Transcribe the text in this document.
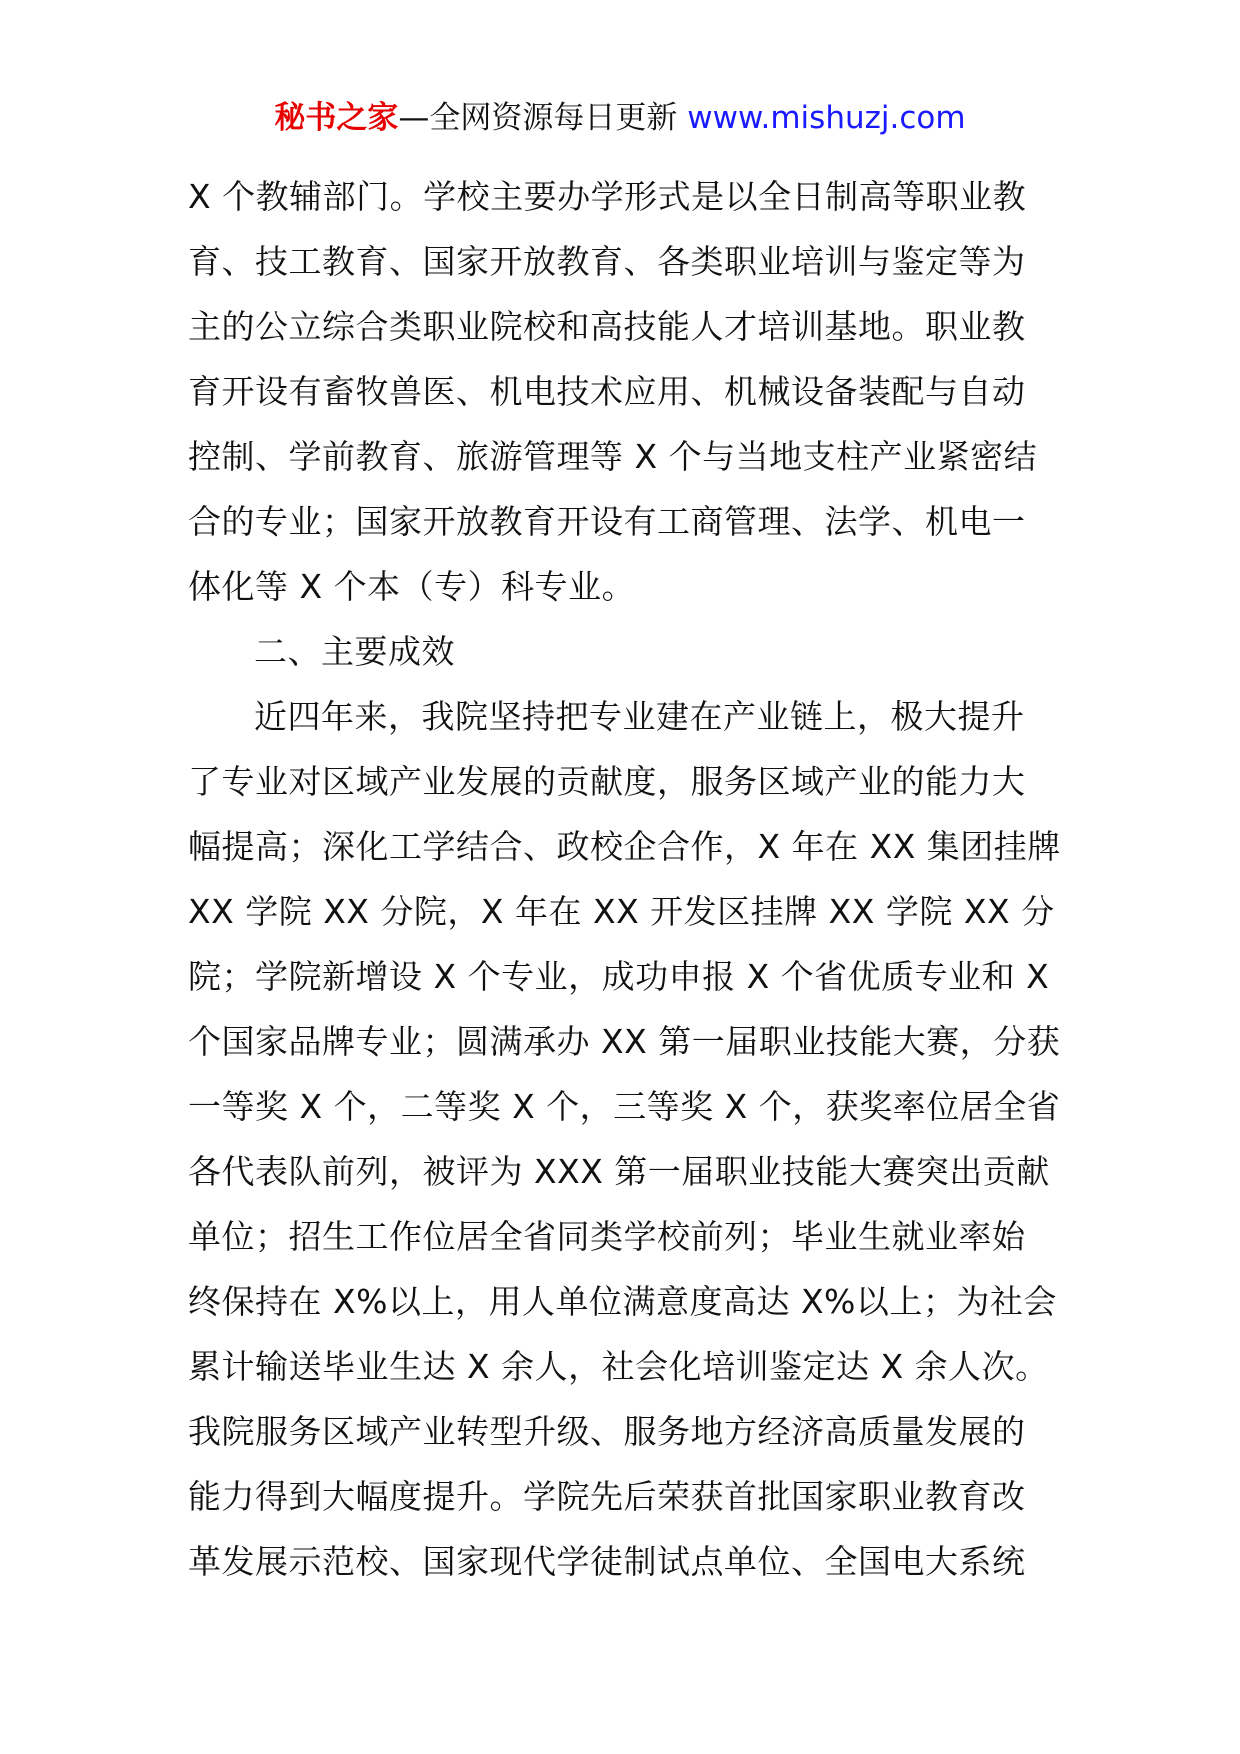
秘书之家—全网资源每日更新 www.mishuzj.com
X 个教辅部门。学校主要办学形式是以全日制高等职业教
育、技工教育、国家开放教育、各类职业培训与鉴定等为
主的公立综合类职业院校和高技能人才培训基地。职业教
育开设有畜牧兽医、机电技术应用、机械设备装配与自动
控制、学前教育、旅游管理等 X 个与当地支柱产业紧密结
合的专业；国家开放教育开设有工商管理、法学、机电一
体化等 X 个本（专）科专业。
二、主要成效
近四年来，我院坚持把专业建在产业链上，极大提升
了专业对区域产业发展的贡献度，服务区域产业的能力大
幅提高；深化工学结合、政校企合作，X 年在 XX 集团挂牌
XX 学院 XX 分院，X 年在 XX 开发区挂牌 XX 学院 XX 分
院；学院新增设 X 个专业，成功申报 X 个省优质专业和 X
个国家品牌专业；圆满承办 XX 第一届职业技能大赛，分获
一等奖 X 个，二等奖 X 个，三等奖 X 个，获奖率位居全省
各代表队前列，被评为 XXX 第一届职业技能大赛突出贡献
单位；招生工作位居全省同类学校前列；毕业生就业率始
终保持在 X%以上，用人单位满意度高达 X%以上；为社会
累计输送毕业生达 X 余人，社会化培训鉴定达 X 余人次。
我院服务区域产业转型升级、服务地方经济高质量发展的
能力得到大幅度提升。学院先后荣获首批国家职业教育改
革发展示范校、国家现代学徒制试点单位、全国电大系统
